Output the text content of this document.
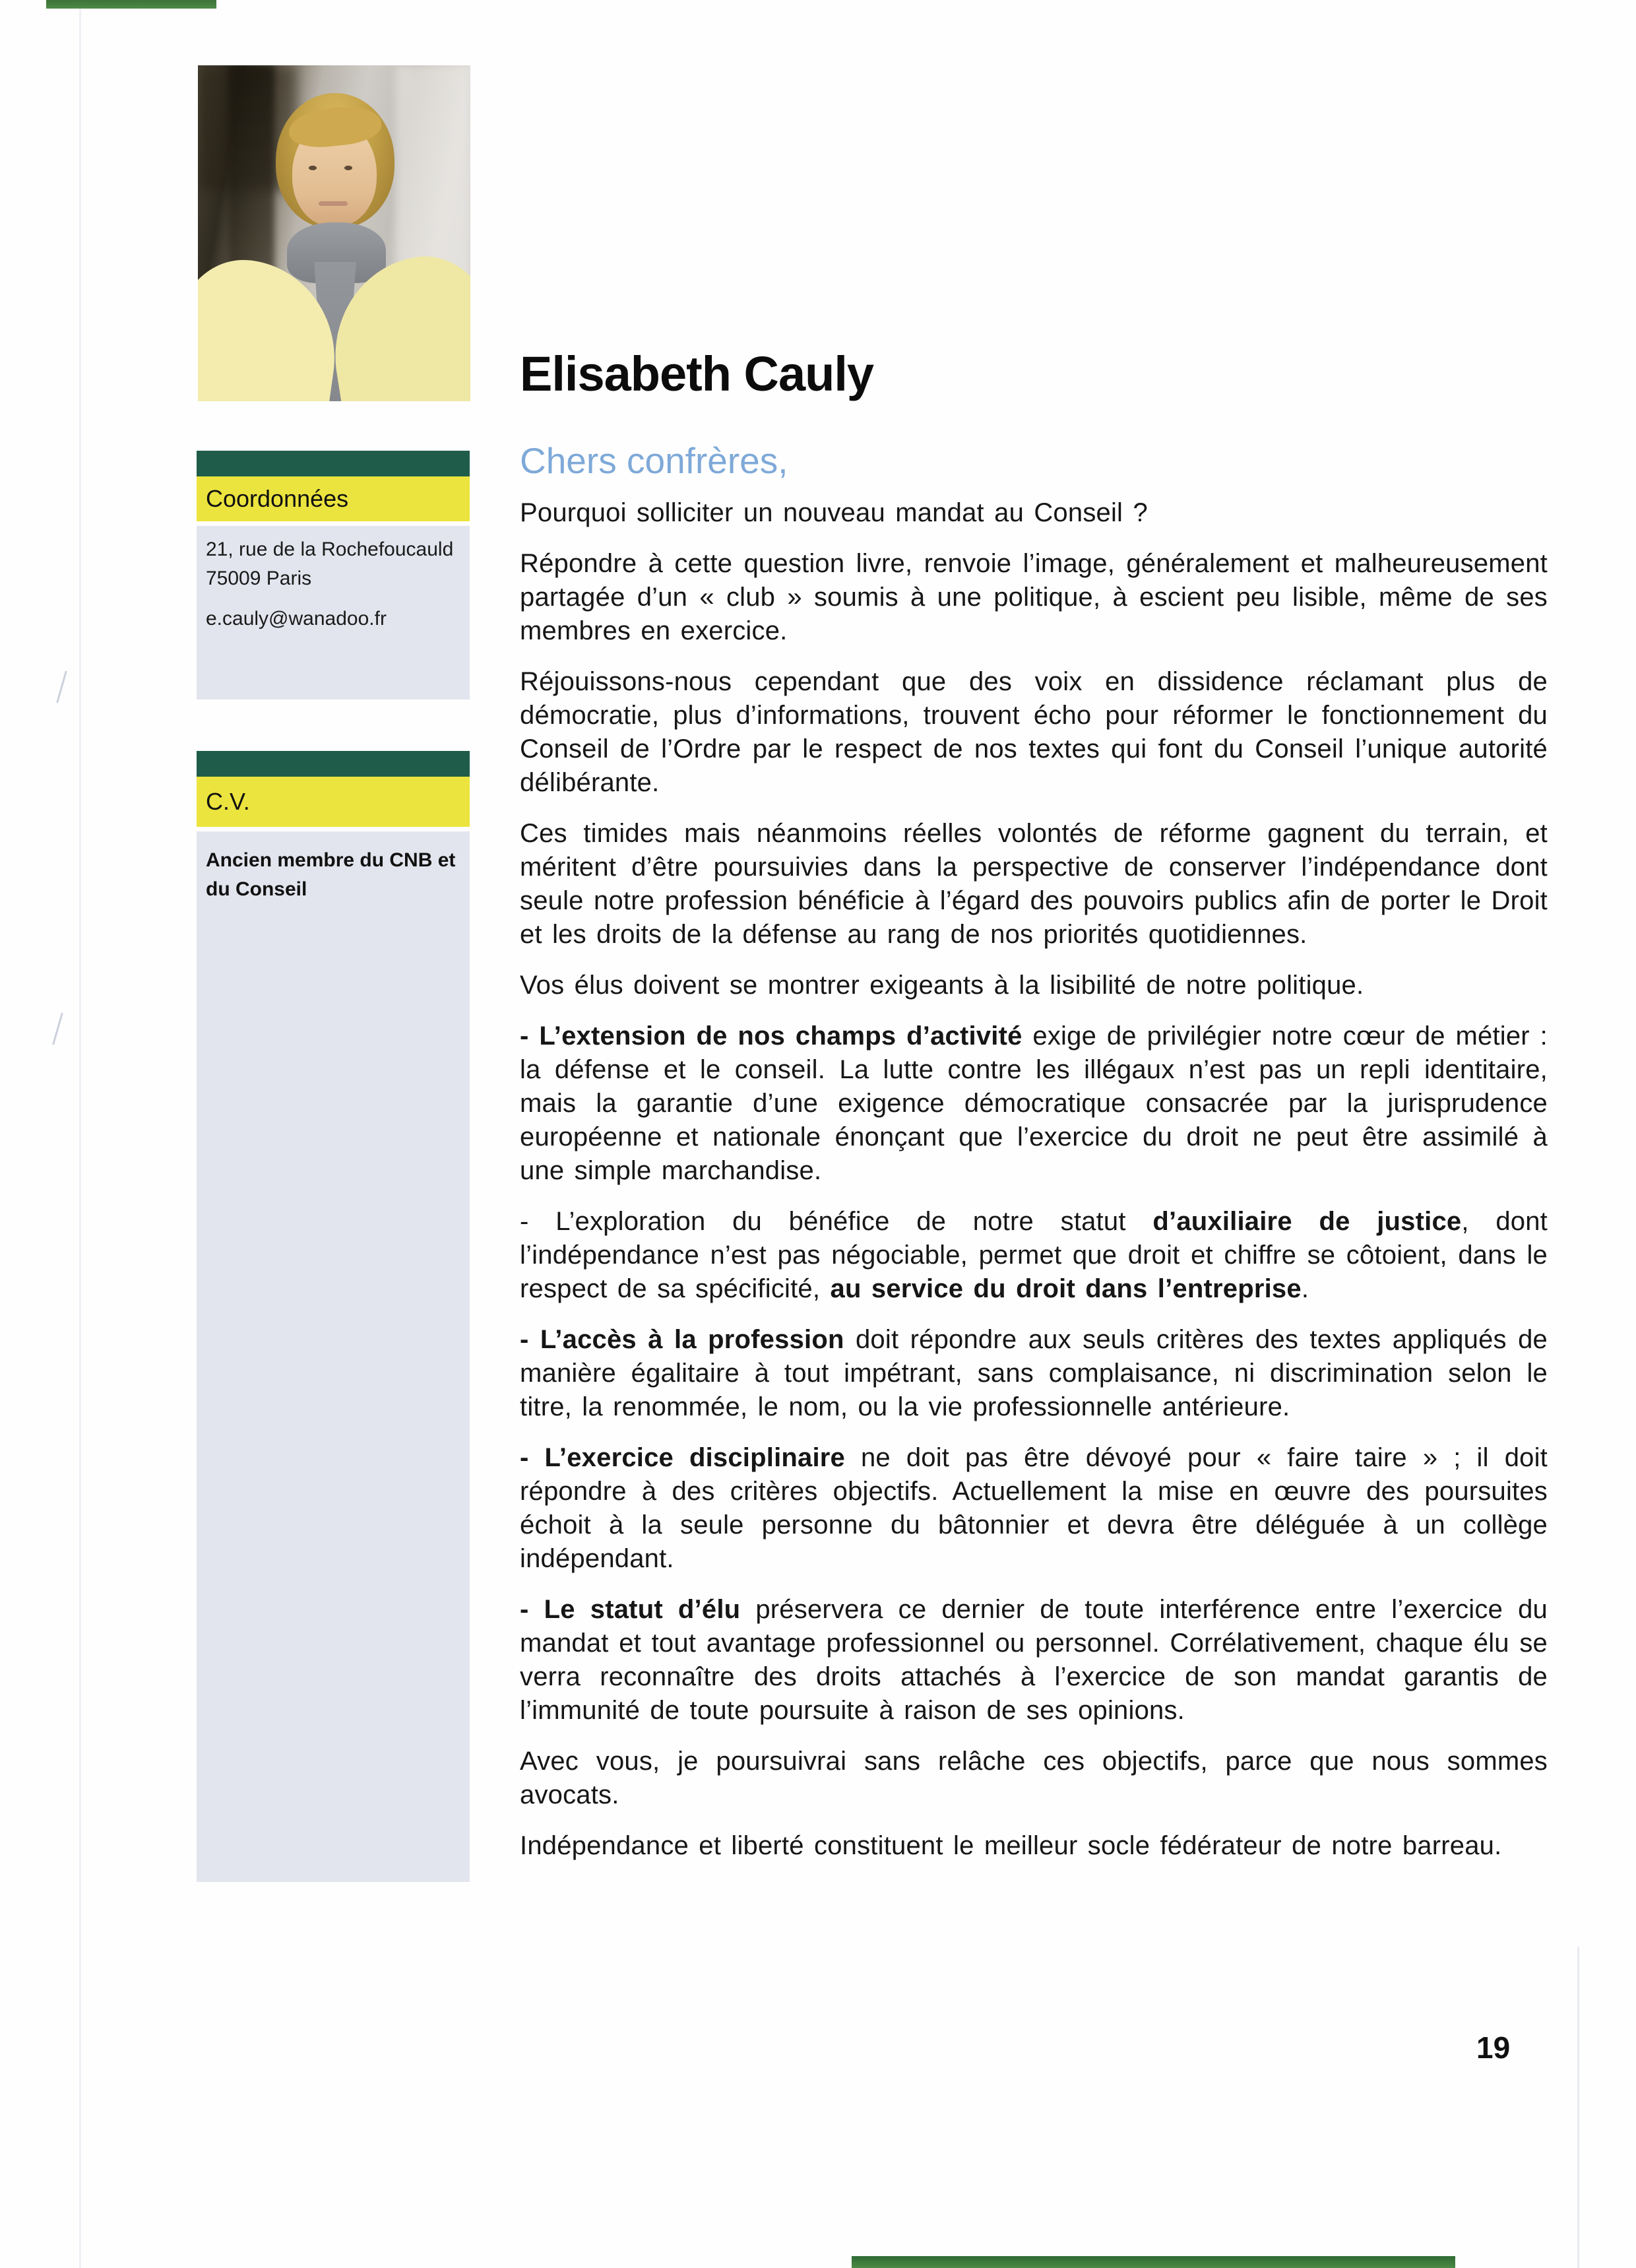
Elisabeth Cauly
Chers confrères,
Coordonnées
21, rue de la Rochefoucauld
75009 Paris
e.cauly@wanadoo.fr
C.V.
Ancien membre du CNB et du Conseil

Pourquoi solliciter un nouveau mandat au Conseil ?

Répondre à cette question livre, renvoie l’image, généralement et malheureusement partagée d’un « club » soumis à une politique, à escient peu lisible, même de ses membres en exercice.

Réjouissons-nous cependant que des voix en dissidence réclamant plus de démocratie, plus d’informations, trouvent écho pour réformer le fonctionnement du Conseil de l’Ordre par le respect de nos textes qui font du Conseil l’unique autorité délibérante.

Ces timides mais néanmoins réelles volontés de réforme gagnent du terrain, et méritent d’être poursuivies dans la perspective de conserver l’indépendance dont seule notre profession bénéficie à l’égard des pouvoirs publics afin de porter le Droit et les droits de la défense au rang de nos priorités quotidiennes.

Vos élus doivent se montrer exigeants à la lisibilité de notre politique.

- L’extension de nos champs d’activité exige de privilégier notre cœur de métier : la défense et le conseil. La lutte contre les illégaux n’est pas un repli identitaire, mais la garantie d’une exigence démocratique consacrée par la jurisprudence européenne et nationale énonçant que l’exercice du droit ne peut être assimilé à une simple marchandise.

- L’exploration du bénéfice de notre statut d’auxiliaire de justice, dont l’indépendance n’est pas négociable, permet que droit et chiffre se côtoient, dans le respect de sa spécificité, au service du droit dans l’entreprise.

- L’accès à la profession doit répondre aux seuls critères des textes appliqués de manière égalitaire à tout impétrant, sans complaisance, ni discrimination selon le titre, la renommée, le nom, ou la vie professionnelle antérieure.

- L’exercice disciplinaire ne doit pas être dévoyé pour « faire taire » ; il doit répondre à des critères objectifs. Actuellement la mise en œuvre des poursuites échoit à la seule personne du bâtonnier et devra être déléguée à un collège indépendant.

- Le statut d’élu préservera ce dernier de toute interférence entre l’exercice du mandat et tout avantage professionnel ou personnel. Corrélativement, chaque élu se verra reconnaître des droits attachés à l’exercice de son mandat garantis de l’immunité de toute poursuite à raison de ses opinions.

Avec vous, je poursuivrai sans relâche ces objectifs, parce que nous sommes avocats.

Indépendance et liberté constituent le meilleur socle fédérateur de notre barreau.

19
